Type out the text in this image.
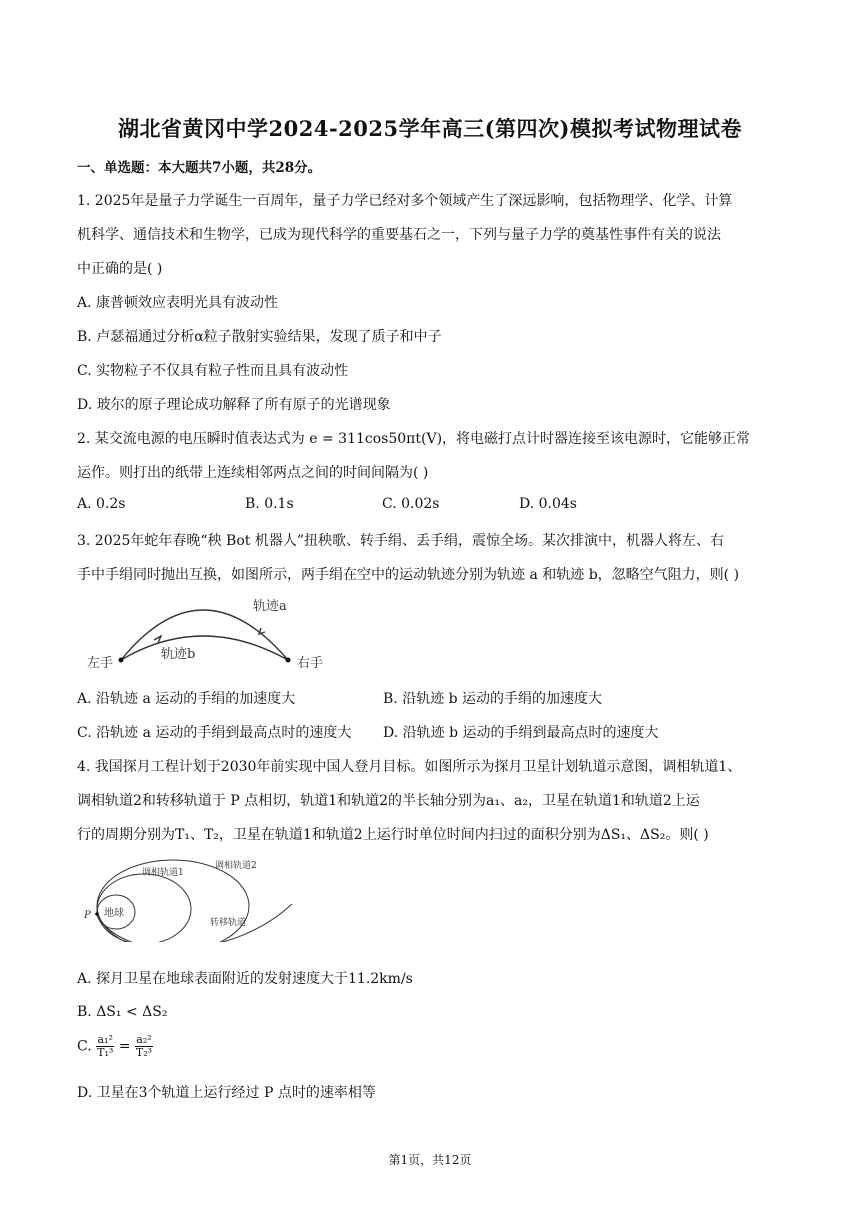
湖北省黄冈中学2024-2025学年高三(第四次)模拟考试物理试卷
一、单选题：本大题共7小题，共28分。
1. 2025年是量子力学诞生一百周年，量子力学已经对多个领域产生了深远影响，包括物理学、化学、计算
机科学、通信技术和生物学，已成为现代科学的重要基石之一，下列与量子力学的奠基性事件有关的说法
中正确的是( )
A. 康普顿效应表明光具有波动性
B. 卢瑟福通过分析α粒子散射实验结果，发现了质子和中子
C. 实物粒子不仅具有粒子性而且具有波动性
D. 玻尔的原子理论成功解释了所有原子的光谱现象
2. 某交流电源的电压瞬时值表达式为 e = 311cos50πt(V)，将电磁打点计时器连接至该电源时，它能够正常
运作。则打出的纸带上连续相邻两点之间的时间间隔为( )
A. 0.2s	B. 0.1s	C. 0.02s	D. 0.04s
3. 2025年蛇年春晚“秧 Bot 机器人”扭秧歌、转手绢、丢手绢，震惊全场。某次排演中，机器人将左、右
手中手绢同时抛出互换，如图所示，两手绢在空中的运动轨迹分别为轨迹 a 和轨迹 b，忽略空气阻力，则( )
轨迹a
轨迹b
左手	右手
A. 沿轨迹 a 运动的手绢的加速度大	B. 沿轨迹 b 运动的手绢的加速度大
C. 沿轨迹 a 运动的手绢到最高点时的速度大 D. 沿轨迹 b 运动的手绢到最高点时的速度大
4. 我国探月工程计划于2030年前实现中国人登月目标。如图所示为探月卫星计划轨道示意图，调相轨道1、
调相轨道2和转移轨道于 P 点相切，轨道1和轨道2的半长轴分别为a₁、a₂，卫星在轨道1和轨道2上运
行的周期分别为T₁、T₂，卫星在轨道1和轨道2上运行时单位时间内扫过的面积分别为ΔS₁、ΔS₂。则( )
P 地球
调相轨道1
调相轨道2
转移轨道
A. 探月卫星在地球表面附近的发射速度大于11.2km/s
B. ΔS₁ < ΔS₂
C. $\frac{\text{a₁²}}{\text{T₁³}} = \frac{\text{a₂²}}{\text{T₂³}}$
D. 卫星在3个轨道上运行经过 P 点时的速率相等
第1页，共12页
